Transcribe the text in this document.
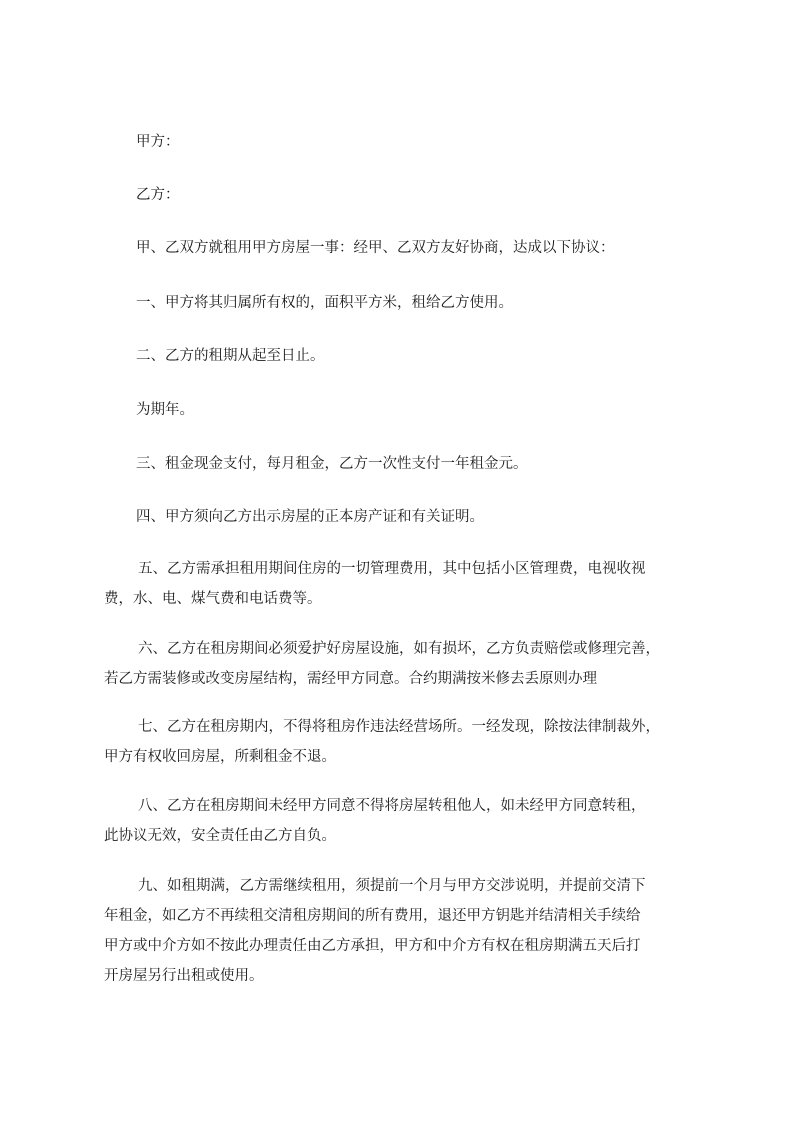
甲方：
乙方：
甲、乙双方就租用甲方房屋一事：经甲、乙双方友好协商，达成以下协议：
一、甲方将其归属所有权的，面积平方米，租给乙方使用。
二、乙方的租期从起至日止。
为期年。
三、租金现金支付，每月租金，乙方一次性支付一年租金元。
四、甲方须向乙方出示房屋的正本房产证和有关证明。
五、乙方需承担租用期间住房的一切管理费用，其中包括小区管理费，电视收视
费，水、电、煤气费和电话费等。
六、乙方在租房期间必须爱护好房屋设施，如有损坏，乙方负责赔偿或修理完善，
若乙方需装修或改变房屋结构，需经甲方同意。合约期满按米修去丢原则办理
七、乙方在租房期内，不得将租房作违法经营场所。一经发现，除按法律制裁外，
甲方有权收回房屋，所剩租金不退。
八、乙方在租房期间未经甲方同意不得将房屋转租他人，如未经甲方同意转租，
此协议无效，安全责任由乙方自负。
九、如租期满，乙方需继续租用，须提前一个月与甲方交涉说明，并提前交清下
年租金，如乙方不再续租交清租房期间的所有费用，退还甲方钥匙并结清相关手续给
甲方或中介方如不按此办理责任由乙方承担，甲方和中介方有权在租房期满五天后打
开房屋另行出租或使用。
